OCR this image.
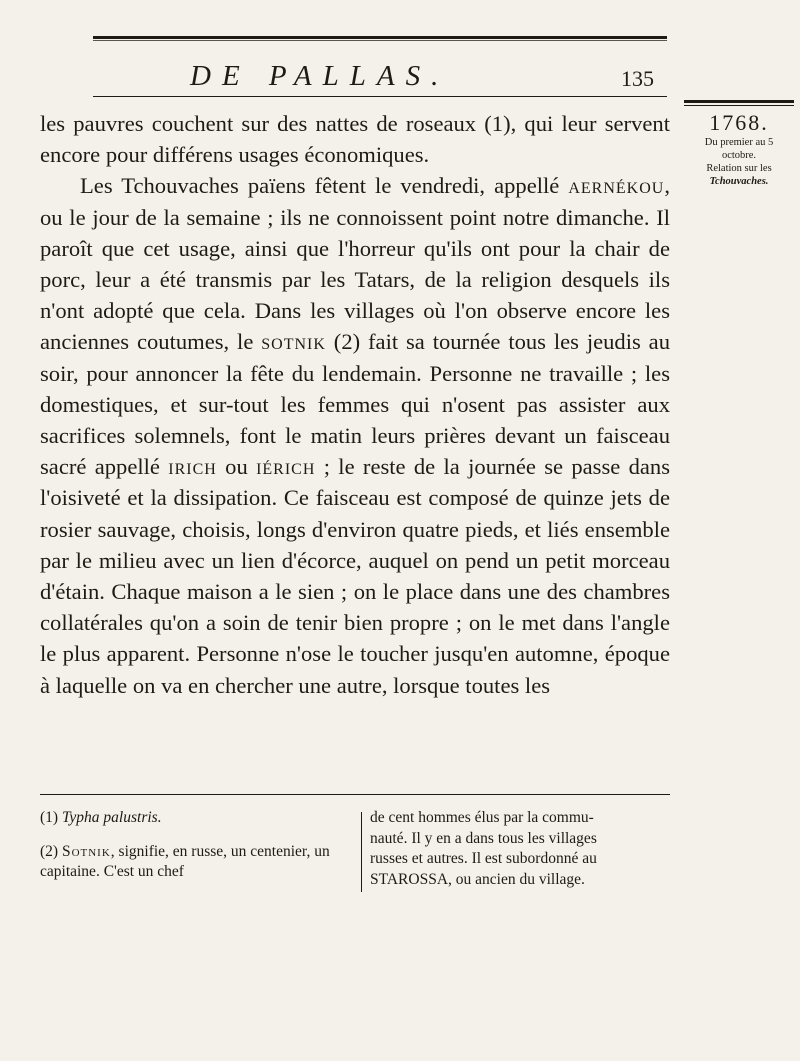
DE PALLAS.	135

les pauvres couchent sur des nattes de roseaux (1), qui leur servent encore pour différens usages économiques.

Les Tchouvaches païens fêtent le vendredi, appellé aernékou, ou le jour de la semaine ; ils ne connoissent point notre dimanche. Il paroît que cet usage, ainsi que l'horreur qu'ils ont pour la chair de porc, leur a été transmis par les Tatars, de la religion desquels ils n'ont adopté que cela. Dans les villages où l'on observe encore les anciennes coutumes, le sotnik (2) fait sa tournée tous les jeudis au soir, pour annoncer la fête du lendemain. Personne ne travaille ; les domestiques, et sur-tout les femmes qui n'osent pas assister aux sacrifices solemnels, font le matin leurs prières devant un faisceau sacré appellé irich ou iérich ; le reste de la journée se passe dans l'oisiveté et la dissipation. Ce faisceau est composé de quinze jets de rosier sauvage, choisis, longs d'environ quatre pieds, et liés ensemble par le milieu avec un lien d'écorce, auquel on pend un petit morceau d'étain. Chaque maison a le sien ; on le place dans une des chambres collatérales qu'on a soin de tenir bien propre ; on le met dans l'angle le plus apparent. Personne n'ose le toucher jusqu'en automne, époque à laquelle on va en chercher une autre, lorsque toutes les

1768.
Du premier au 5
octobre.
Relation sur les
Tchouvaches.

(1) Typha palustris.

(2) Sotnik, signifie, en russe, un centenier, un capitaine. C'est un chef

de cent hommes élus par la commu-
nauté. Il y en a dans tous les villages
russes et autres. Il est subordonné au
STAROSSA, ou ancien du village.
